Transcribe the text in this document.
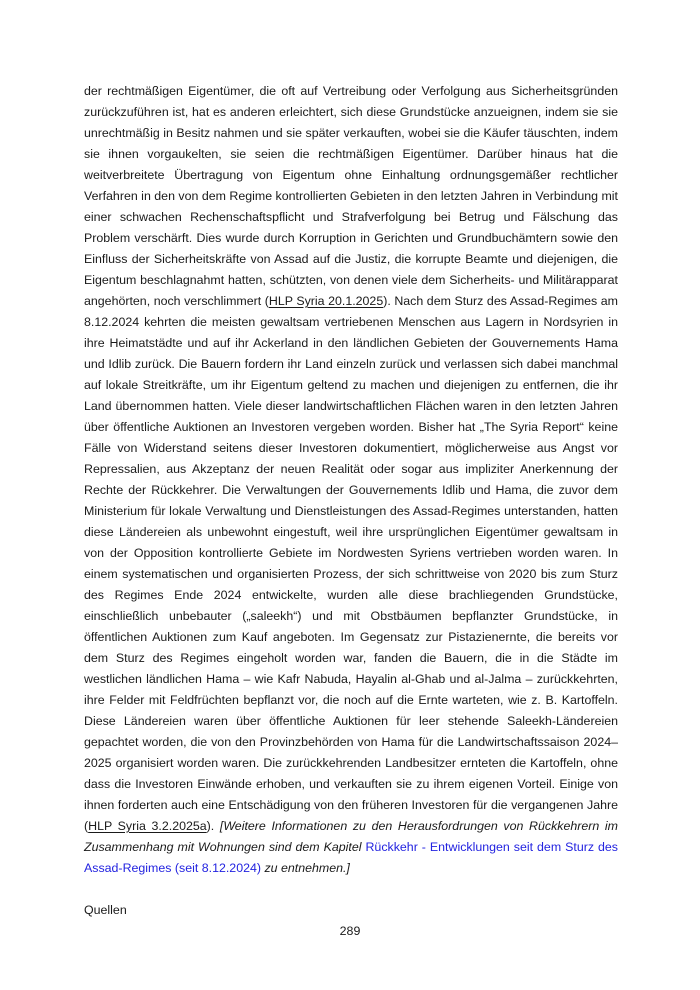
der rechtmäßigen Eigentümer, die oft auf Vertreibung oder Verfolgung aus Sicherheitsgründen zurückzuführen ist, hat es anderen erleichtert, sich diese Grundstücke anzueignen, indem sie sie unrechtmäßig in Besitz nahmen und sie später verkauften, wobei sie die Käufer täuschten, indem sie ihnen vorgaukelten, sie seien die rechtmäßigen Eigentümer. Darüber hinaus hat die weitverbreitete Übertragung von Eigentum ohne Einhaltung ordnungsgemäßer rechtlicher Verfahren in den von dem Regime kontrollierten Gebieten in den letzten Jahren in Verbindung mit einer schwachen Rechenschaftspflicht und Strafverfolgung bei Betrug und Fälschung das Problem verschärft. Dies wurde durch Korruption in Gerichten und Grundbuchämtern sowie den Einfluss der Sicherheitskräfte von Assad auf die Justiz, die korrupte Beamte und diejenigen, die Eigentum beschlagnahmt hatten, schützten, von denen viele dem Sicherheits- und Militärapparat angehörten, noch verschlimmert (HLP Syria 20.1.2025). Nach dem Sturz des Assad-Regimes am 8.12.2024 kehrten die meisten gewaltsam vertriebenen Menschen aus Lagern in Nordsyrien in ihre Heimatstädte und auf ihr Ackerland in den ländlichen Gebieten der Gouvernements Hama und Idlib zurück. Die Bauern fordern ihr Land einzeln zurück und verlassen sich dabei manchmal auf lokale Streitkräfte, um ihr Eigentum geltend zu machen und diejenigen zu entfernen, die ihr Land übernommen hatten. Viele dieser landwirtschaftlichen Flächen waren in den letzten Jahren über öffentliche Auktionen an Investoren vergeben worden. Bisher hat „The Syria Report“ keine Fälle von Widerstand seitens dieser Investoren dokumentiert, möglicherweise aus Angst vor Repressalien, aus Akzeptanz der neuen Realität oder sogar aus impliziter Anerkennung der Rechte der Rückkehrer. Die Verwaltungen der Gouvernements Idlib und Hama, die zuvor dem Ministerium für lokale Verwaltung und Dienstleistungen des Assad-Regimes unterstanden, hatten diese Ländereien als unbewohnt eingestuft, weil ihre ursprünglichen Eigentümer gewaltsam in von der Opposition kontrollierte Gebiete im Nordwesten Syriens vertrieben worden waren. In einem systematischen und organisierten Prozess, der sich schrittweise von 2020 bis zum Sturz des Regimes Ende 2024 entwickelte, wurden alle diese brachliegenden Grundstücke, einschließlich unbebauter („saleekh“) und mit Obstbäumen bepflanzter Grundstücke, in öffentlichen Auktionen zum Kauf angeboten. Im Gegensatz zur Pistazienernte, die bereits vor dem Sturz des Regimes eingeholt worden war, fanden die Bauern, die in die Städte im westlichen ländlichen Hama – wie Kafr Nabuda, Hayalin al-Ghab und al-Jalma – zurückkehrten, ihre Felder mit Feldfrüchten bepflanzt vor, die noch auf die Ernte warteten, wie z. B. Kartoffeln. Diese Ländereien waren über öffentliche Auktionen für leer stehende Saleekh-Ländereien gepachtet worden, die von den Provinzbehörden von Hama für die Landwirtschaftssaison 2024–2025 organisiert worden waren. Die zurückkehrenden Landbesitzer ernteten die Kartoffeln, ohne dass die Investoren Einwände erhoben, und verkauften sie zu ihrem eigenen Vorteil. Einige von ihnen forderten auch eine Entschädigung von den früheren Investoren für die vergangenen Jahre (HLP Syria 3.2.2025a). [Weitere Informationen zu den Herausfordrungen von Rückkehrern im Zusammenhang mit Wohnungen sind dem Kapitel Rückkehr - Entwicklungen seit dem Sturz des Assad-Regimes (seit 8.12.2024) zu entnehmen.]

Quellen

289
